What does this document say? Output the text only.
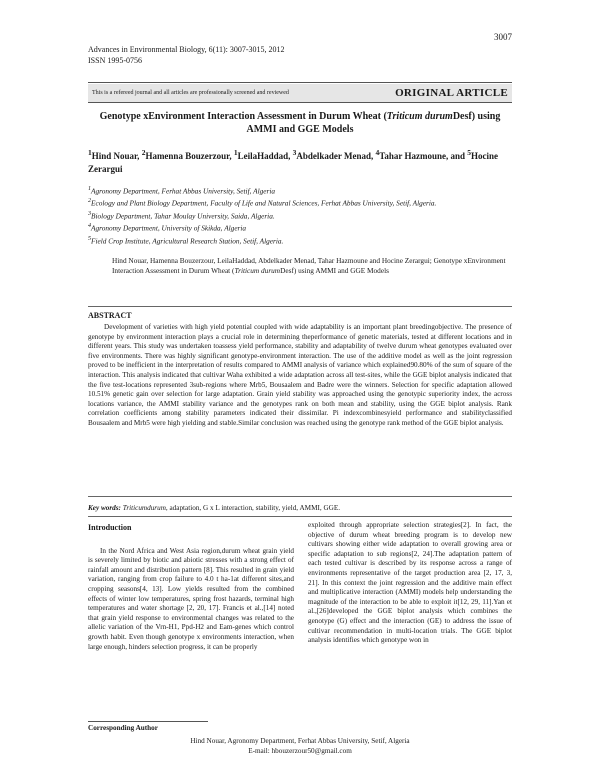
3007
Advances in Environmental Biology, 6(11): 3007-3015, 2012
ISSN 1995-0756
This is a refereed journal and all articles are professionally screened and reviewed	ORIGINAL ARTICLE
Genotype xEnvironment Interaction Assessment in Durum Wheat (Triticum durumDesf) using AMMI and GGE Models
$^1$Hind Nouar, $^2$Hamenna Bouzerzour, $^1$LeilaHaddad, $^3$Abdelkader Menad, $^4$Tahar Hazmoune, and $^5$Hocine Zerargui
$^1$Agronomy Department, Ferhat Abbas University, Setif, Algeria
$^2$Ecology and Plant Biology Department, Faculty of Life and Natural Sciences, Ferhat Abbas University, Setif, Algeria.
$^3$Biology Department, Tahar Moulay University, Saida, Algeria.
$^4$Agronomy Department, University of Skikda, Algeria
$^5$Field Crop Institute, Agricultural Research Station, Setif, Algeria.
Hind Nouar, Hamenna Bouzerzour, LeilaHaddad, Abdelkader Menad, Tahar Hazmoune and Hocine Zerargui; Genotype xEnvironment Interaction Assessment in Durum Wheat (Triticum durumDesf) using AMMI and GGE Models
ABSTRACT
Development of varieties with high yield potential coupled with wide adaptability is an important plant breedingobjective. The presence of genotype by environment interaction plays a crucial role in determining theperformance of genetic materials, tested at different locations and in different years. This study was undertaken toassess yield performance, stability and adaptability of twelve durum wheat genotypes evaluated over five environments. There was highly significant genotype-environment interaction. The use of the additive model as well as the joint regression proved to be inefficient in the interpretation of results compared to AMMI analysis of variance which explained90.80% of the sum of square of the interaction. This analysis indicated that cultivar Waha exhibited a wide adaptation across all test-sites, while the GGE biplot analysis indicated that the five test-locations represented 3sub-regions where Mrb5, Bousaalem and Badre were the winners. Selection for specific adaptation allowed 10.51% genetic gain over selection for large adaptation. Grain yield stability was approached using the genotypic superiority index, the across locations variance, the AMMI stability variance and the genotypes rank on both mean and stability, using the GGE biplot analysis. Rank correlation coefficients among stability parameters indicated their dissimilar. Pi indexcombinesyield performance and stabilityclassified Bousaalem and Mrb5 were high yielding and stable.Similar conclusion was reached using the genotype rank method of the GGE biplot analysis.
Key words: Triticumdurum, adaptation, G x L interaction, stability, yield, AMMI, GGE.
Introduction

In the Nord Africa and West Asia region,durum wheat grain yield is severely limited by biotic and abiotic stresses with a strong effect of rainfall amount and distribution pattern [8]. This resulted in grain yield variation, ranging from crop failure to 4.0 t ha-1at different sites,and cropping seasons[4, 13]. Low yields resulted from the combined effects of winter low temperatures, spring frost hazards, terminal high temperatures and water shortage [2, 20, 17]. Francis et al.,[14] noted that grain yield response to environmental changes was related to the allelic variation of the Vrn-H1, Ppd-H2 and Eam-genes which control growth habit. Even though genotype x environments interaction, when large enough, hinders selection progress, it can be properly

exploited through appropriate selection strategies[2]. In fact, the objective of durum wheat breeding program is to develop new cultivars showing either wide adaptation to overall growing area or specific adaptation to sub regions[2, 24].The adaptation pattern of each tested cultivar is described by its response across a range of environments representative of the target production area [2, 17, 3, 21]. In this context the joint regression and the additive main effect and multiplicative interaction (AMMI) models help understanding the magnitude of the interaction to be able to exploit it[12, 29, 11].Yan et al.,[26]developed the GGE biplot analysis which combines the genotype (G) effect and the interaction (GE) to address the issue of cultivar recommendation in multi-location trials. The GGE biplot analysis identifies which genotype won in

Corresponding Author
Hind Nouar, Agronomy Department, Ferhat Abbas University, Setif, Algeria
E-mail: hbouzerzour50@gmail.com
